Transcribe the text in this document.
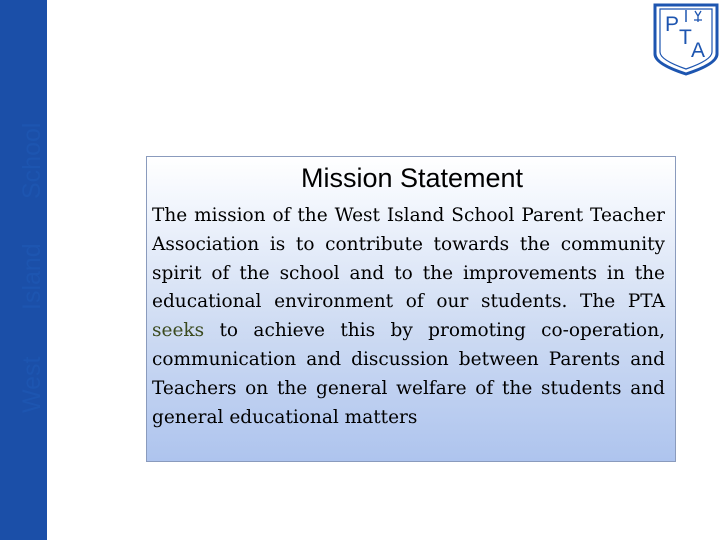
West
Island
School
P
T
A
Mission Statement

The mission of the West Island School Parent Teacher Association is to contribute towards the community spirit of the school and to the improvements in the educational environment of our students. The PTA seeks to achieve this by promoting co-operation, communication and discussion between Parents and Teachers on the general welfare of the students and general educational matters
